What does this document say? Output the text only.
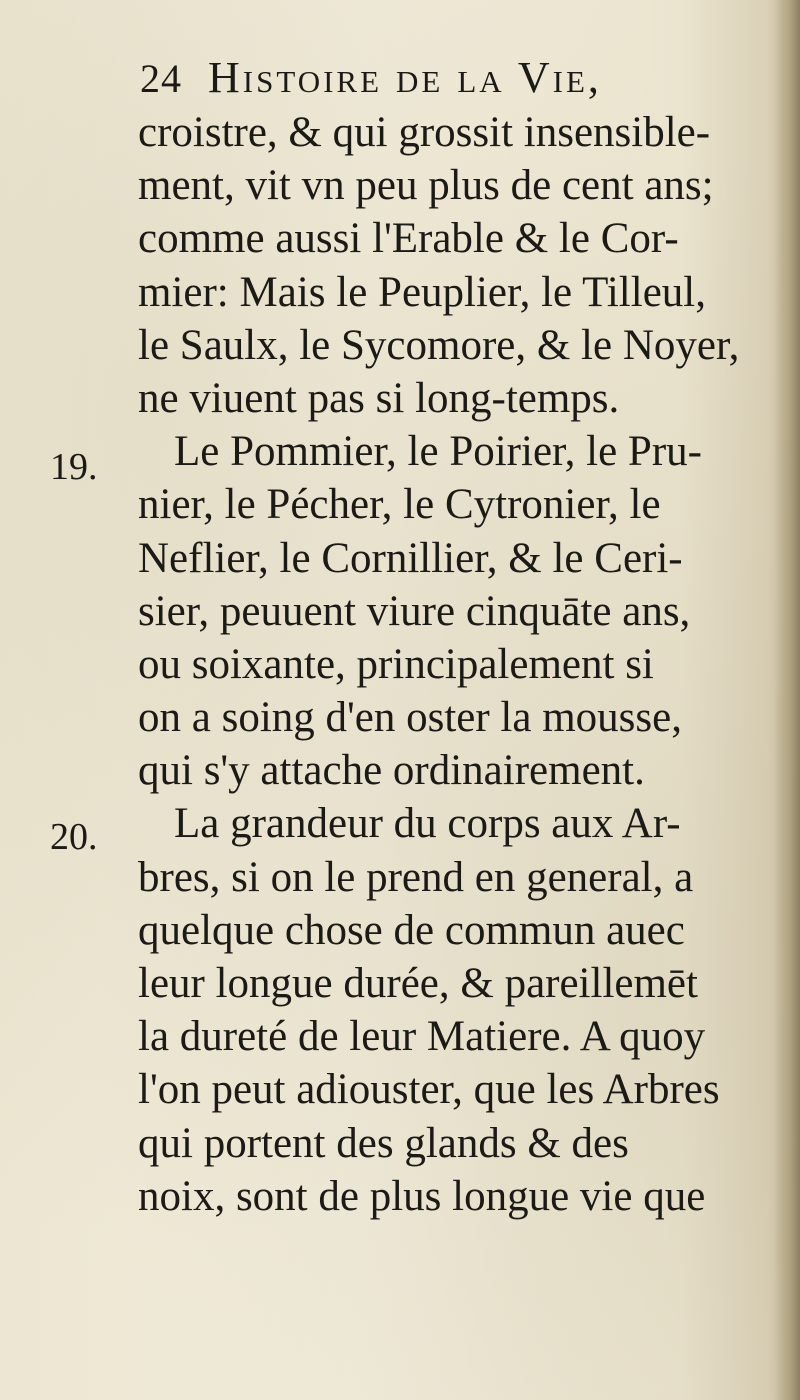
24 Histoire de la Vie,
19.
20.
croistre, & qui grossit insensible-
ment, vit vn peu plus de cent ans;
comme aussi l'Erable & le Cor-
mier: Mais le Peuplier, le Tilleul,
le Saulx, le Sycomore, & le Noyer,
ne viuent pas si long-temps.
Le Pommier, le Poirier, le Pru-
nier, le Pécher, le Cytronier, le
Neflier, le Cornillier, & le Ceri-
sier, peuuent viure cinquāte ans,
ou soixante, principalement si
on a soing d'en oster la mousse,
qui s'y attache ordinairement.
La grandeur du corps aux Ar-
bres, si on le prend en general, a
quelque chose de commun auec
leur longue durée, & pareillemēt
la dureté de leur Matiere. A quoy
l'on peut adiouster, que les Arbres
qui portent des glands & des
noix, sont de plus longue vie que
